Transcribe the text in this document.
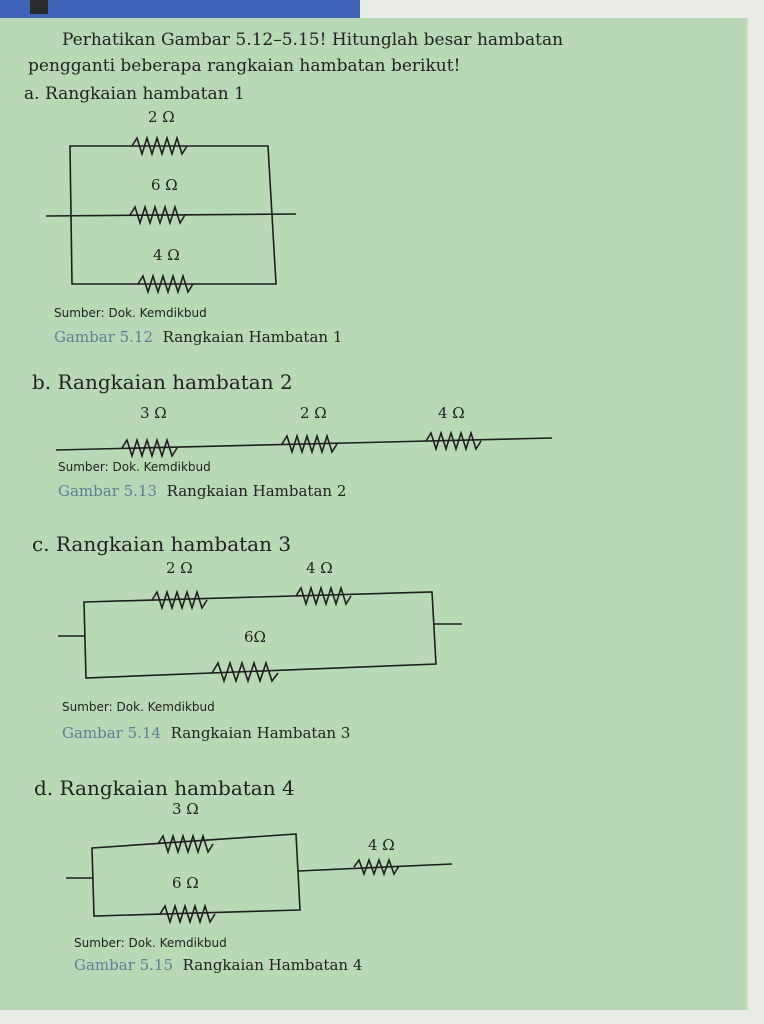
Perhatikan Gambar 5.12–5.15! Hitunglah besar hambatan
pengganti beberapa rangkaian hambatan berikut!
a. Rangkaian hambatan 1
2 Ω
6 Ω
4 Ω
Sumber: Dok. Kemdikbud
Gambar 5.12 Rangkaian Hambatan 1
b. Rangkaian hambatan 2
3 Ω	2 Ω	4 Ω
Sumber: Dok. Kemdikbud
Gambar 5.13 Rangkaian Hambatan 2
c. Rangkaian hambatan 3
2 Ω	4 Ω
6Ω
Sumber: Dok. Kemdikbud
Gambar 5.14 Rangkaian Hambatan 3
d. Rangkaian hambatan 4
3 Ω
4 Ω
6 Ω
Sumber: Dok. Kemdikbud
Gambar 5.15 Rangkaian Hambatan 4
